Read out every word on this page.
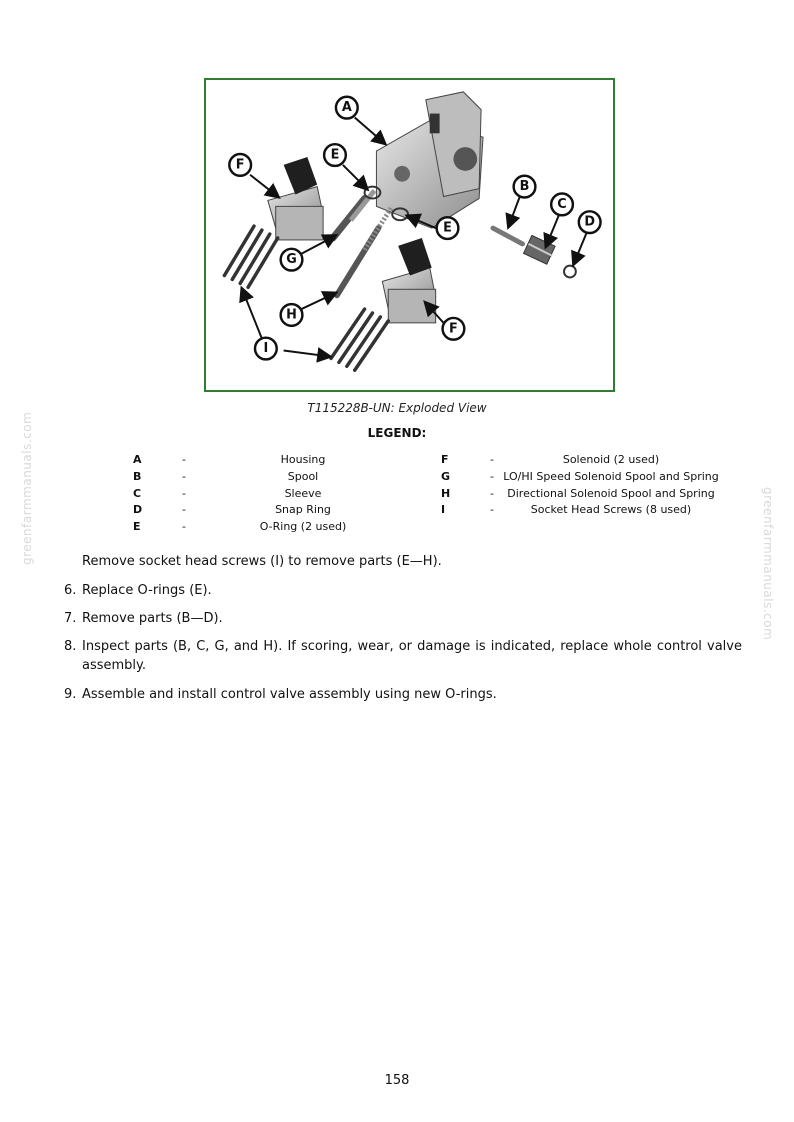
A
F
E
E
G
H
F
B
C
D
I
T115228B-UN: Exploded View
LEGEND:
A	-	Housing
B	-	Spool
C	-	Sleeve
D	-	Snap Ring
E	-	O-Ring (2 used)
F	-	Solenoid (2 used)
G	- LO/HI Speed Solenoid Spool and Spring
H	-	Directional Solenoid Spool and Spring
I	-	Socket Head Screws (8 used)
Remove socket head screws (I) to remove parts (E—H).
6. Replace O-rings (E).
7. Remove parts (B—D).
8. Inspect parts (B, C, G, and H). If scoring, wear, or damage is indicated, replace whole control valve assembly.
9. Assemble and install control valve assembly using new O-rings.
greenfarmmanuals.com	greenfarmmanuals.com
158
